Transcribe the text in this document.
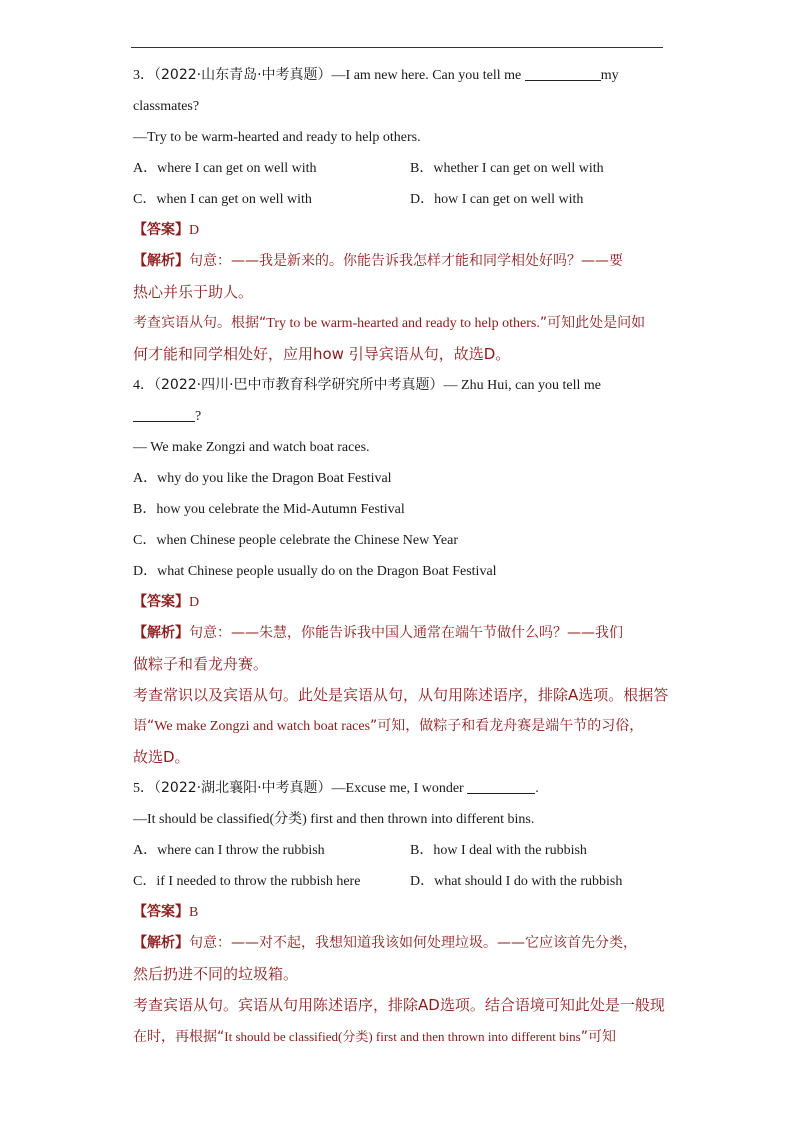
3．（2022·山东青岛·中考真题）—I am new here. Can you tell me	my
classmates?
—Try to be warm-hearted and ready to help others.
A．where I can get on well with	B．whether I can get on well with
C．when I can get on well with	D．how I can get on well with
【答案】D
【解析】句意：——我是新来的。你能告诉我怎样才能和同学相处好吗？——要
热心并乐于助人。
考查宾语从句。根据“Try to be warm-hearted and ready to help others.”可知此处是问如
何才能和同学相处好，应用how 引导宾语从句，故选D。
4．（2022·四川·巴中市教育科学研究所中考真题）— Zhu Hui, can you tell me
?
— We make Zongzi and watch boat races.
A．why do you like the Dragon Boat Festival
B．how you celebrate the Mid-Autumn Festival
C．when Chinese people celebrate the Chinese New Year
D．what Chinese people usually do on the Dragon Boat Festival
【答案】D
【解析】句意：——朱慧，你能告诉我中国人通常在端午节做什么吗？——我们
做粽子和看龙舟赛。
考查常识以及宾语从句。此处是宾语从句，从句用陈述语序，排除A选项。根据答
语“We make Zongzi and watch boat races”可知，做粽子和看龙舟赛是端午节的习俗，
故选D。
5．（2022·湖北襄阳·中考真题）—Excuse me, I wonder	.
—It should be classified(分类) first and then thrown into different bins.
A．where can I throw the rubbish	B．how I deal with the rubbish
C．if I needed to throw the rubbish here	D．what should I do with the rubbish
【答案】B
【解析】句意：——对不起，我想知道我该如何处理垃圾。——它应该首先分类，
然后扔进不同的垃圾箱。
考查宾语从句。宾语从句用陈述语序，排除AD选项。结合语境可知此处是一般现
在时，再根据“It should be classified(分类) first and then thrown into different bins”可知
